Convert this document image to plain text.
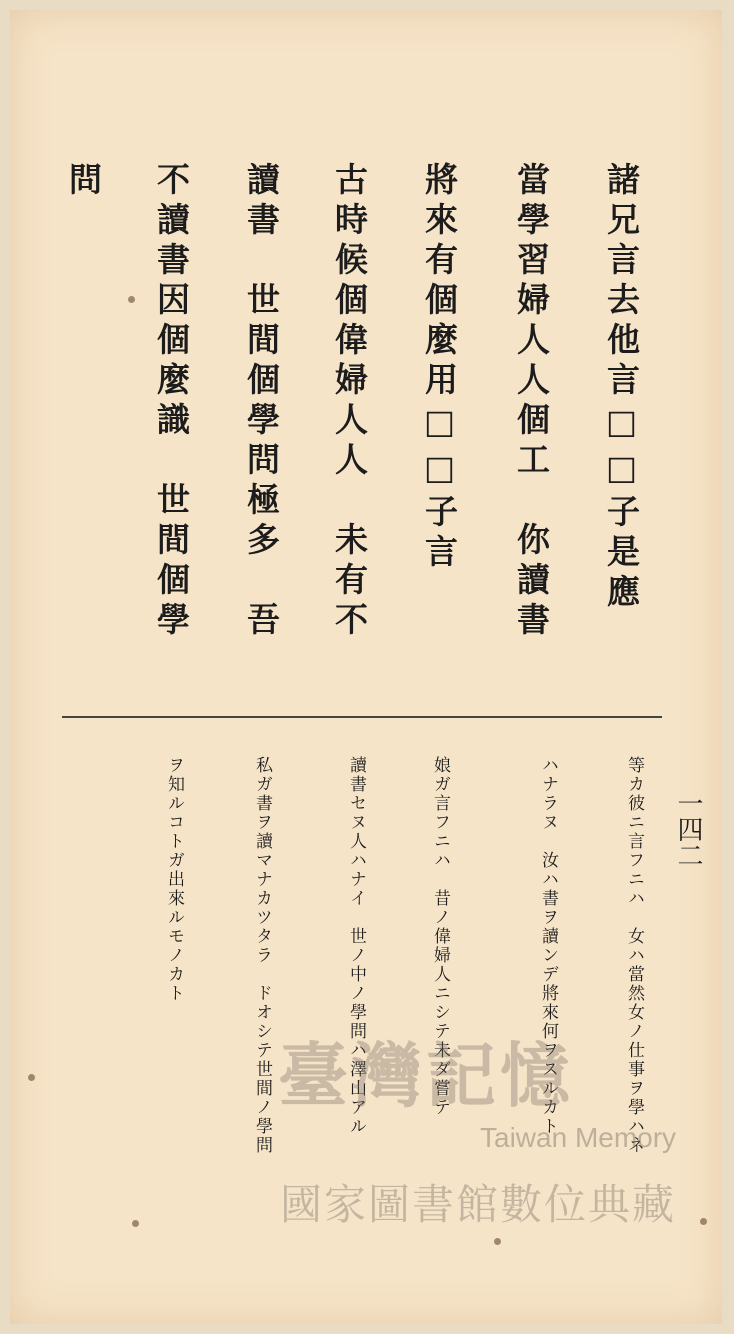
諸兄言去他言□□子是應
當學習婦人人個工　你讀書
將來有個麼用□□子言
古時候個偉婦人人　未有不
讀書　世間個學問極多　吾
不讀書因個麼識　世間個學
問
等カ彼ニ言フニハ　女ハ當然女ノ仕事ヲ學ハネ
ハナラヌ　汝ハ書ヲ讀ンデ將來何ヲスルカト
娘ガ言フニハ　昔ノ偉婦人ニシテ未ダ嘗テ
讀書セヌ人ハナイ　世ノ中ノ學問ハ澤山アル
私ガ書ヲ讀マナカツタラ　ドオシテ世間ノ學問
ヲ知ルコトガ出來ルモノカト	一四二
臺灣記憶
Taiwan Memory
國家圖書館數位典藏
